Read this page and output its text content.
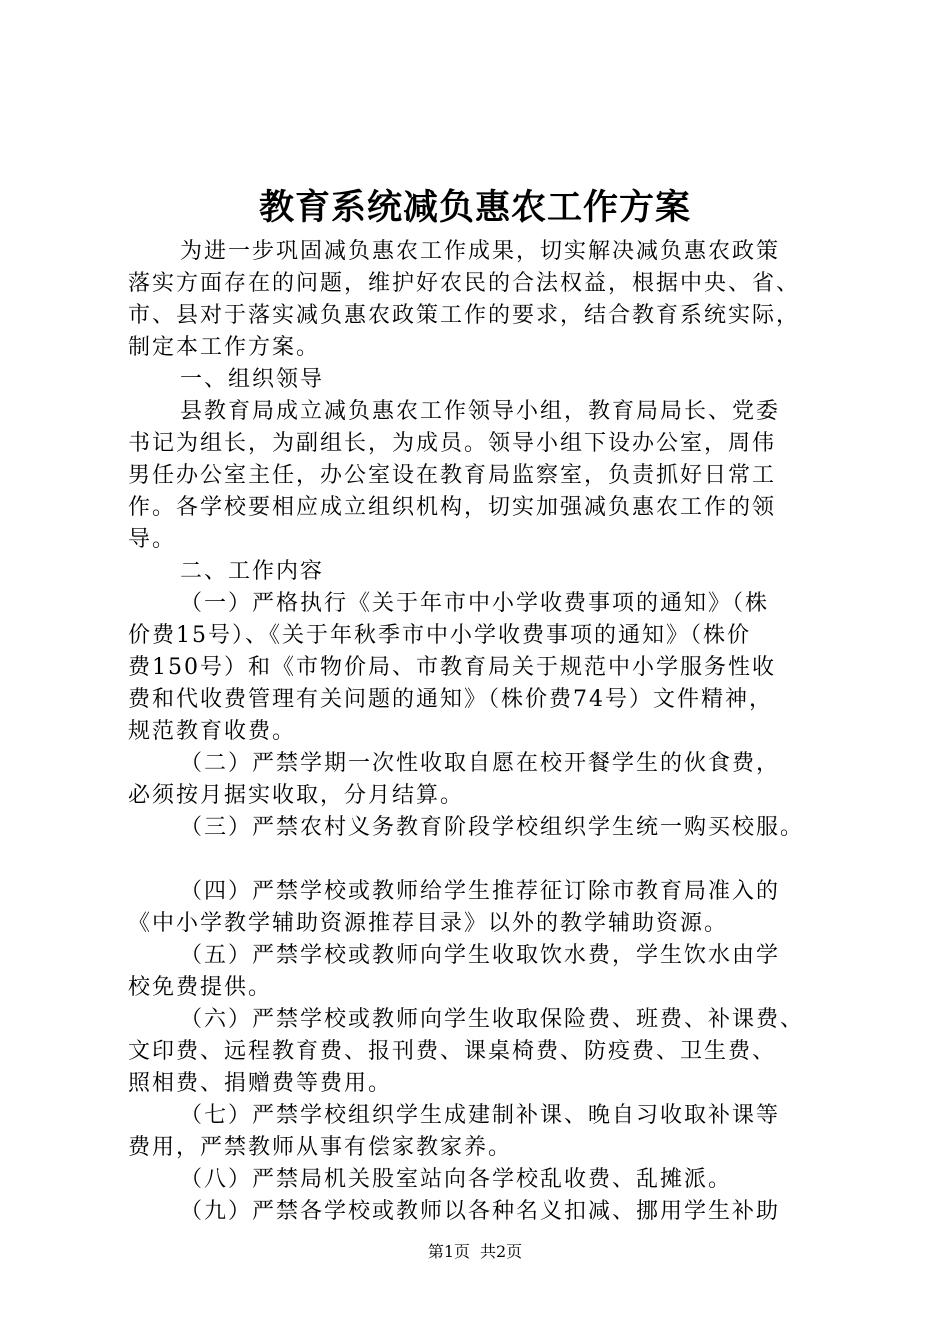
教育系统减负惠农工作方案
为进一步巩固减负惠农工作成果，切实解决减负惠农政策
落实方面存在的问题，维护好农民的合法权益，根据中央、省、
市、县对于落实减负惠农政策工作的要求，结合教育系统实际，
制定本工作方案。
一、组织领导
县教育局成立减负惠农工作领导小组，教育局局长、党委
书记为组长，为副组长，为成员。领导小组下设办公室，周伟
男任办公室主任，办公室设在教育局监察室，负责抓好日常工
作。各学校要相应成立组织机构，切实加强减负惠农工作的领
导。
二、工作内容
（一）严格执行《关于年市中小学收费事项的通知》（株
价费15号）、《关于年秋季市中小学收费事项的通知》（株价
费150号）和《市物价局、市教育局关于规范中小学服务性收
费和代收费管理有关问题的通知》（株价费74号）文件精神，
规范教育收费。
（二）严禁学期一次性收取自愿在校开餐学生的伙食费，
必须按月据实收取，分月结算。
（三）严禁农村义务教育阶段学校组织学生统一购买校服。
（四）严禁学校或教师给学生推荐征订除市教育局准入的
《中小学教学辅助资源推荐目录》以外的教学辅助资源。
（五）严禁学校或教师向学生收取饮水费，学生饮水由学
校免费提供。
（六）严禁学校或教师向学生收取保险费、班费、补课费、
文印费、远程教育费、报刊费、课桌椅费、防疫费、卫生费、
照相费、捐赠费等费用。
（七）严禁学校组织学生成建制补课、晚自习收取补课等
费用，严禁教师从事有偿家教家养。
（八）严禁局机关股室站向各学校乱收费、乱摊派。
（九）严禁各学校或教师以各种名义扣减、挪用学生补助
第1页 共2页
